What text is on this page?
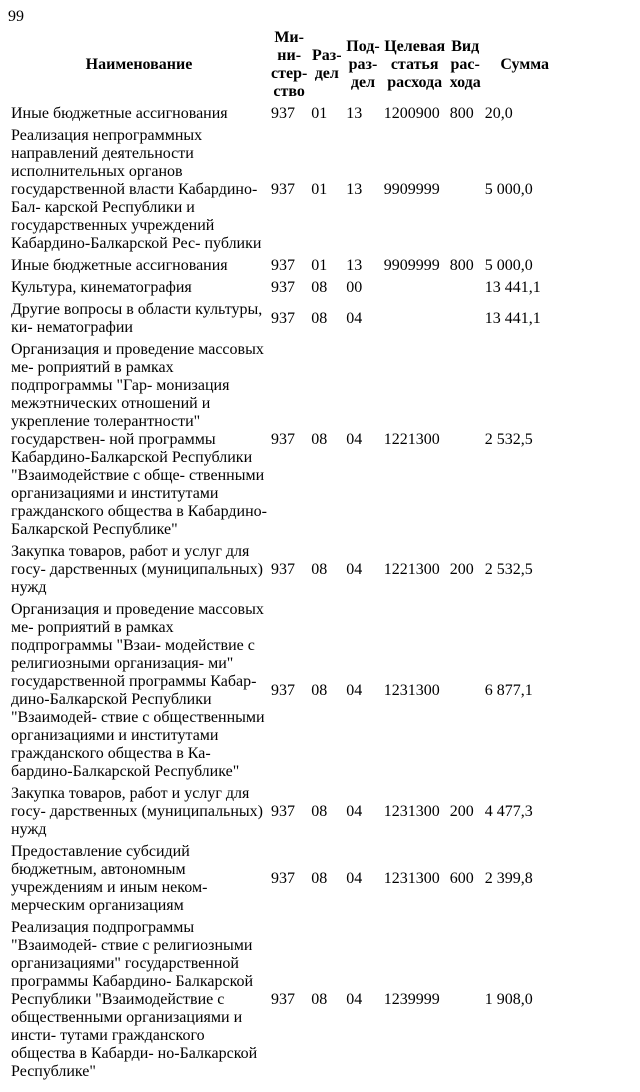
99
Наименование	Ми- ни- стер- ство	Раз- дел	Под- раз- дел	Целевая статья расхода	Вид рас- хода	Сумма
Иные бюджетные ассигнования	937	01	13	1200900	800	20,0
Реализация непрограммных направлений деятельности исполнительных органов государственной власти Кабардино-Бал- карской Республики и государственных учреждений Кабардино-Балкарской Рес- публики	937	01	13	9909999		5 000,0
Иные бюджетные ассигнования	937	01	13	9909999	800	5 000,0
Культура, кинематография	937	08	00			13 441,1
Другие вопросы в области культуры, ки- нематографии	937	08	04			13 441,1
Организация и проведение массовых ме- роприятий в рамках подпрограммы "Гар- монизация межэтнических отношений и укрепление толерантности" государствен- ной программы Кабардино-Балкарской Республики "Взаимодействие с обще- ственными организациями и институтами гражданского общества в Кабардино- Балкарской Республике"	937	08	04	1221300		2 532,5
Закупка товаров, работ и услуг для госу- дарственных (муниципальных) нужд	937	08	04	1221300	200	2 532,5
Организация и проведение массовых ме- роприятий в рамках подпрограммы "Взаи- модействие с религиозными организация- ми" государственной программы Кабар- дино-Балкарской Республики "Взаимодей- ствие с общественными организациями и институтами гражданского общества в Ка- бардино-Балкарской Республике"	937	08	04	1231300		6 877,1
Закупка товаров, работ и услуг для госу- дарственных (муниципальных) нужд	937	08	04	1231300	200	4 477,3
Предоставление субсидий бюджетным, автономным учреждениям и иным неком- мерческим организациям	937	08	04	1231300	600	2 399,8
Реализация подпрограммы "Взаимодей- ствие с религиозными организациями" государственной программы Кабардино- Балкарской Республики "Взаимодействие с общественными организациями и инсти- тутами гражданского общества в Кабарди- но-Балкарской Республике"	937	08	04	1239999		1 908,0
